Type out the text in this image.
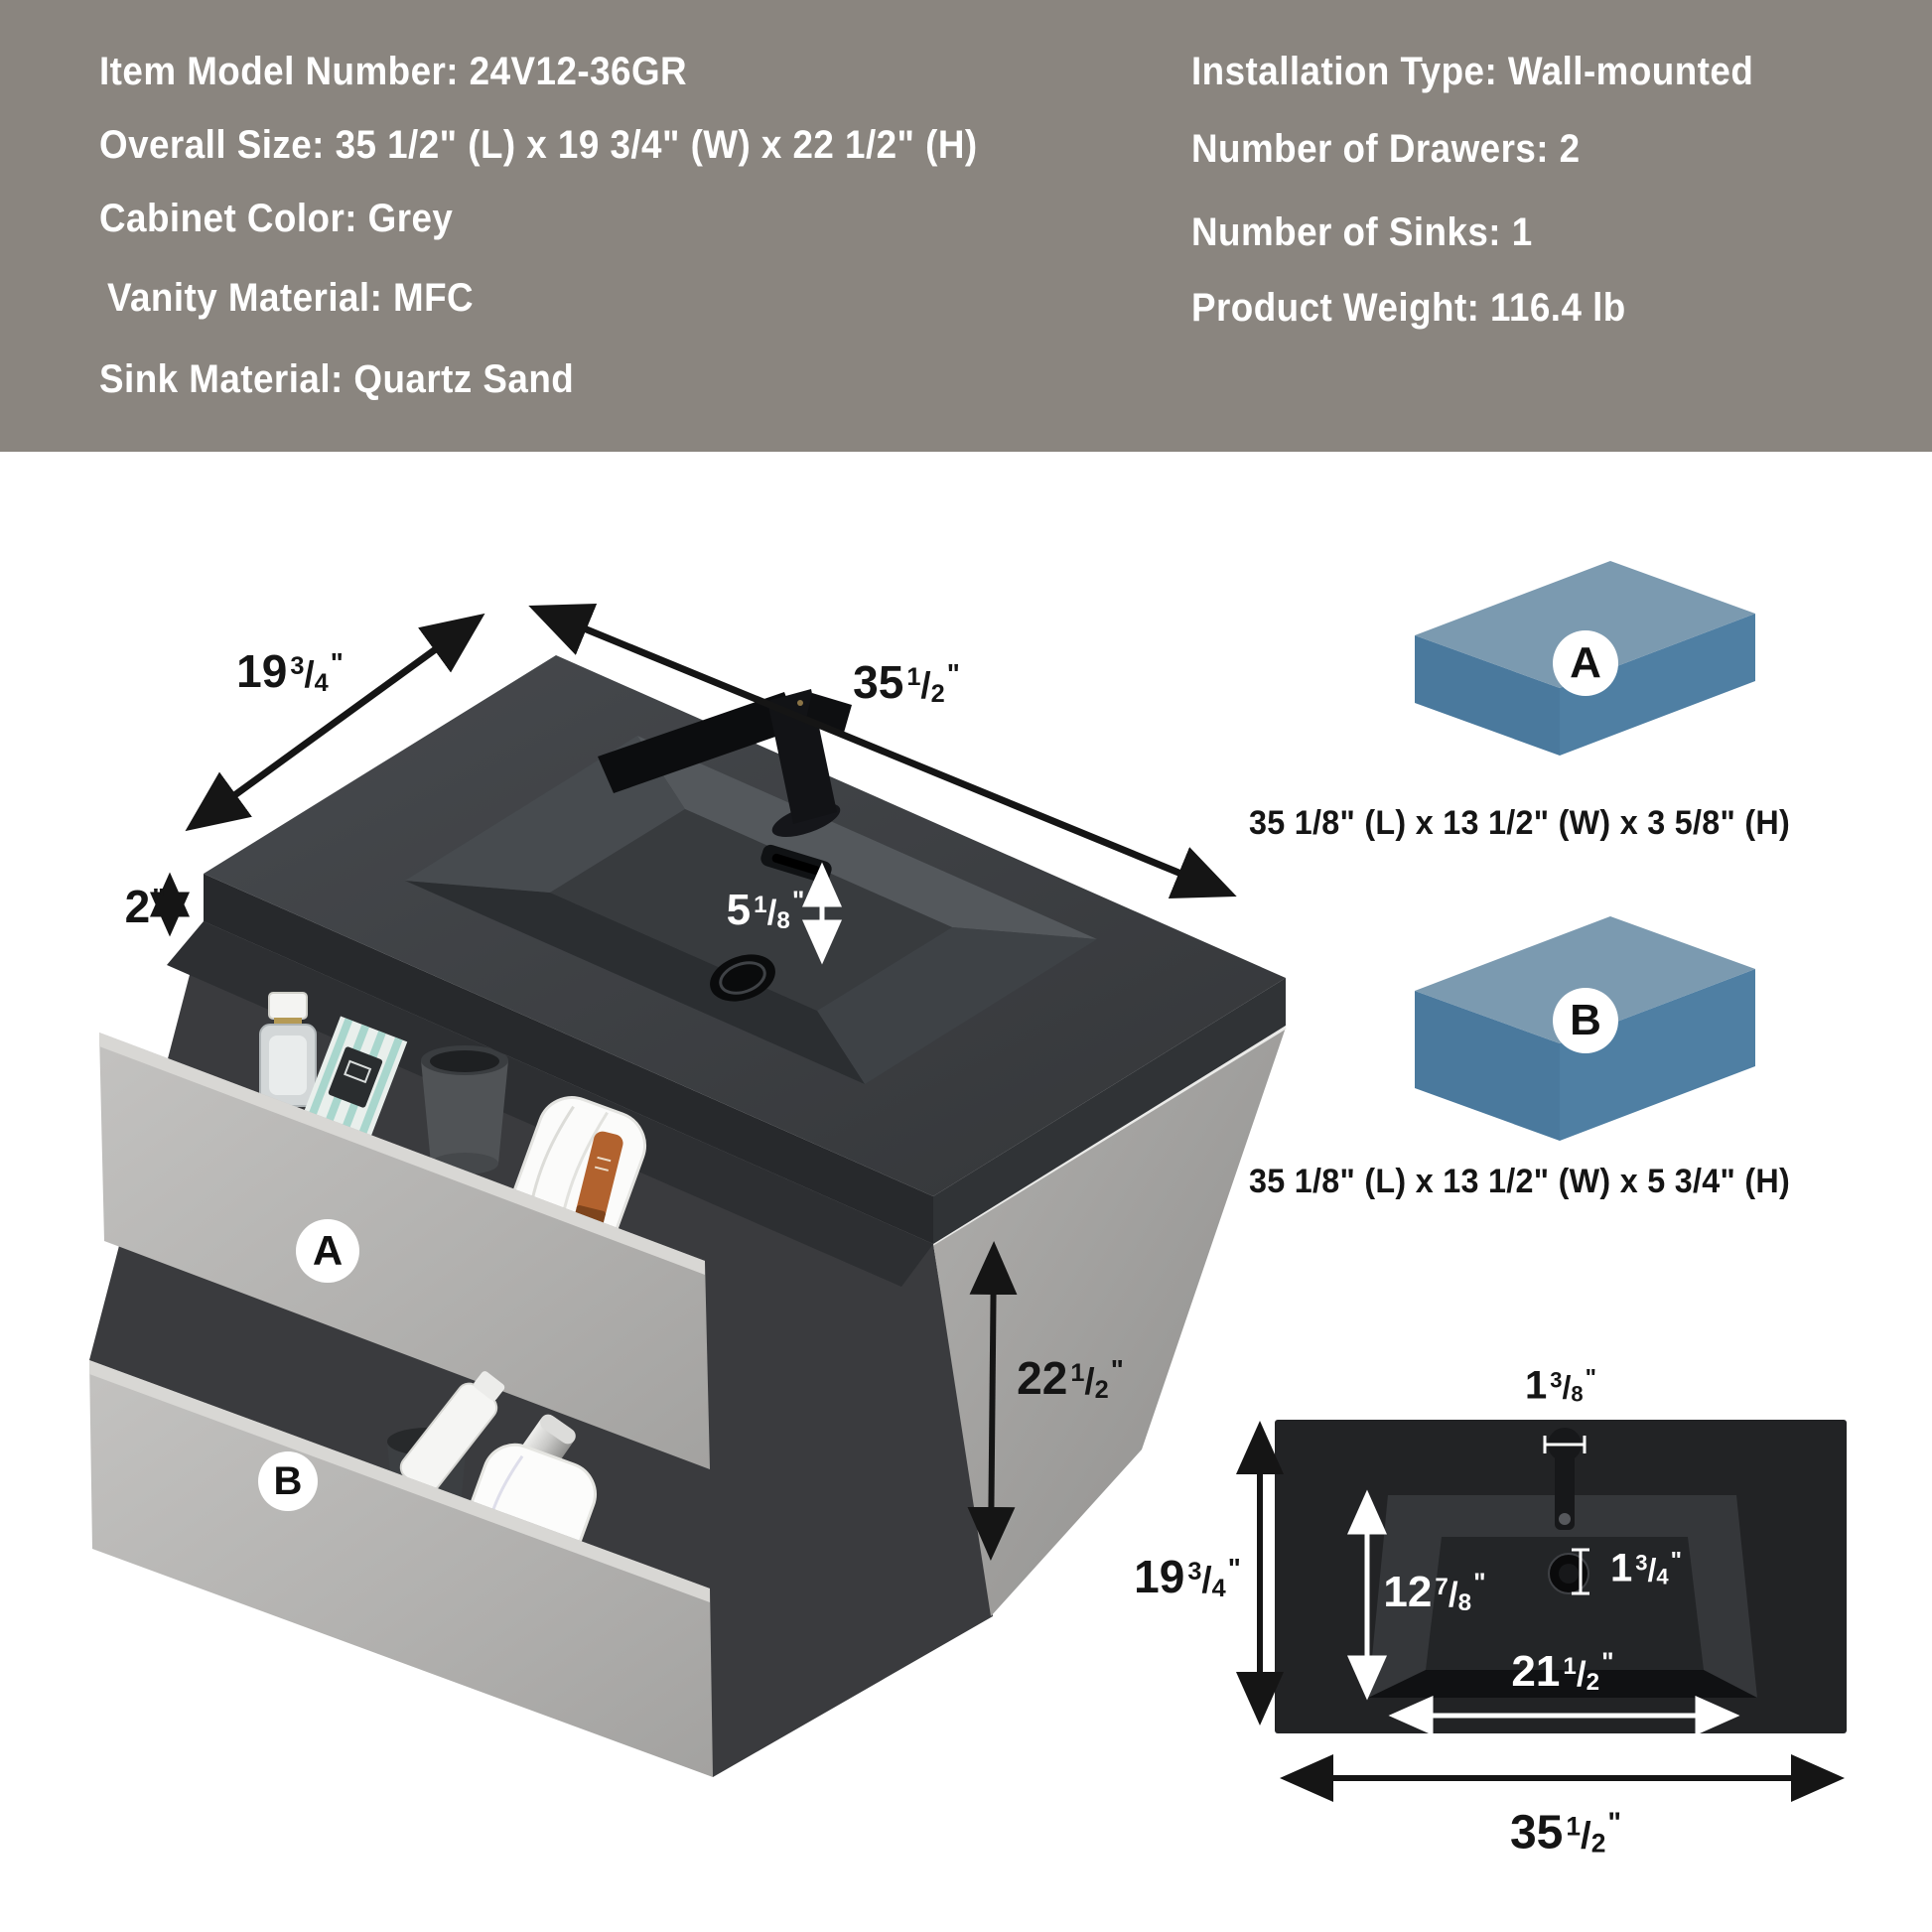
Item Model Number: 24V12-36GR
Overall Size: 35 1/2" (L) x 19 3/4" (W) x 22 1/2" (H)
Cabinet Color: Grey
Vanity Material: MFC
Sink Material: Quartz Sand
Installation Type: Wall-mounted
Number of Drawers: 2
Number of Sinks: 1
Product Weight: 116.4 lb
19 $^3/_4^"$	35 $^1/_2^"$
2"	5 $^1/_8^"$
22 $^1/_2^"$
A
B
A
B
35 1/8" (L) x 13 1/2" (W) x 3 5/8" (H)
35 1/8" (L) x 13 1/2" (W) x 5 3/4" (H)
1 $^3/_8^"$
19 $^3/_4^"$	12 $^7/_8^"$	1 $^3/_4^"$
21 $^1/_2^"$
35 $^1/_2^"$
